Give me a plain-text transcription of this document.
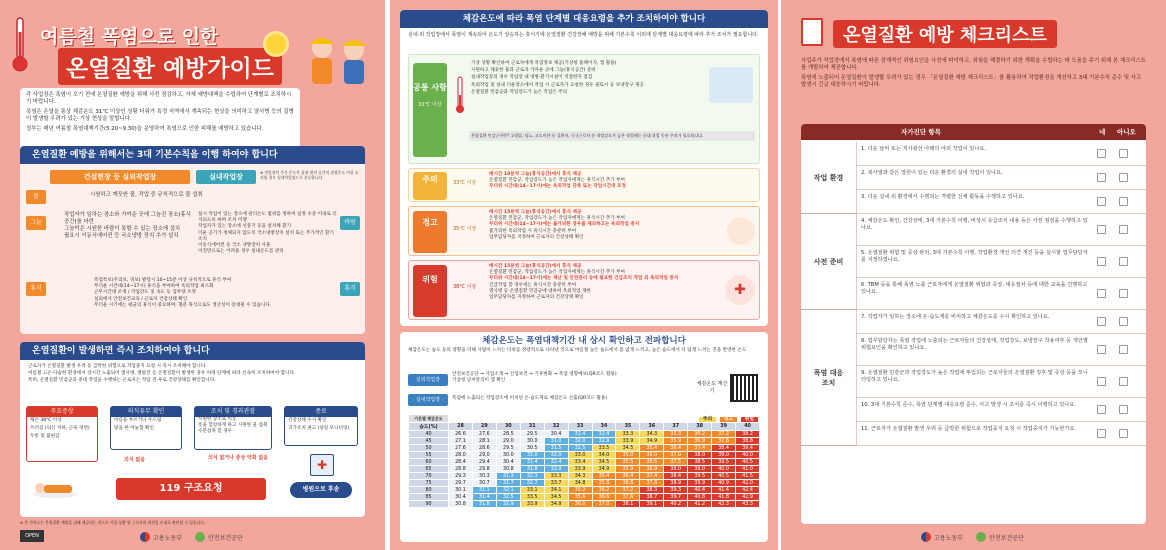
여름철 폭염으로 인한
온열질환 예방가이드
각 사업장은 폭염이 오기 전에 온열질환 예방을 위해 사전 점검하고, 자체 예방대책을 수립하여 단계별로 조치하시기 바랍니다.
폭염은 온열을 통상 체감온도 31℃ 이상인 상황 더위가 특정 지역에서 계속되는 현상을 의미하고 열사병 등의 질병이 발생할 우려가 있는 기상 현상을 말합니다.
정부는 매년 여름철 폭염대책기간(5.20~9.30)을 운영하여 폭염으로 인한 피해를 예방하고 있습니다.
온열질환 예방을 위해서는 3대 기본수칙을 이행 하여야 합니다
건설현장 등 실외작업장	실내작업장
※ 작업장의 주간 온도가 실내 편의 공간의 권장온도 이상 유지될 경우 실내작업장으로 분류합니다
물	시원하고 깨끗한 물, 작업 중 규칙적으로 물 섭취
그늘
작업자가 일하는 장소와 가까운 곳에 그늘진 장소(휴식공간)를 마련
그늘막은 시원한 바람이 통할 수 있는 장소에 설치
필요시 이동식에어컨 등 국소냉방 장치 추가 설치
바람
실시 작업이 있는 장소에 관리온도 범위를 정하여 일정 수준 이내로 유지되도록 하며 조치 이행
작업자가 있는 장소에 선풍기 등을 설치해 환기
더운 공기가 정체되지 않도록 국소냉방장치 설치 또는 추가적인 환기 조치
이동식에어컨 등 국소 냉방장치 사용
이것만으로는 어려울 경우 실내온도를 관리
휴식	휴식
폭염특보(주의보, 경보) 발령시 10~15분 이상 규칙적으로 휴식 부여
무더운 시간대(14~17시) 휴식을 부여하여 옥외작업 최소화
근무시간대 조정 / 작업강도 및 속도 등 업무량 조정
실외에서 안전보건교육 / 근로자 건강상태 확인
무더운 시기에는 평균의 휴식이 중요하며, 철분 휴식으로도 생산성이 증대될 수 있습니다.
온열질환이 발생하면 즉시 조치하여야 합니다
근로자가 온열질환 발생 우려 등 급박한 위험으로 작업중지 요청 시 즉시 조치해야 합니다.
여름철 고온·다습한 환경에서 장시간 노출되어 열사병, 열탈진 등 온열질환이 발생한 경우 아래 단계에 따라 신속히 조치하여야 합니다.
특히, 온열질환 민감군과 중대 작업을 수행하는 근로자는 작업 전·후로 건강상태를 확인합니다.
주요증상
체온 38℃ 이상
쓰러짐 (의식 저하, 근육 경련)
두통 및 불편감
의식유무 확인
이름을 부르거나 두드림
말을 한 어눌함 확인
조치 및 경과관찰
시원한 장소로 이동
옷을 헐렁하게 하고 시원한 물 섭취
수분섭취 할 경우
종료
건강상태 수시 확인
귀가조치 권고 (당일 모니터링)
의식 없음	의식 없거나 증상 악화 없음
119 구조요청	병원으로 후송
✚
※ 본 가이드는 온열질환 예방을 위해 제공되는 것으로 기업·상황 및 근로자의 의견을 토대로 판단할 수 있습니다.
OPEN	고용노동부	안전보건공단
체감온도에 따라 폭염 단계별 대응요령을 추가 조치하여야 합니다
실내·외 작업장에서 폭염이 계속되어 온도가 상승하는 휴서기에 온열질환 건강장해 예방을 위해 기본수칙 이외에 단계별 대응요령에 따라 추가 조치가 필요합니다.
공통 사항
31℃ 이상
기상 상황 확인하여 근로자에게 폭염정보 제공(기상청 홈페이지, 앱 활용)
시원하고 깨끗한 물과 근로자 가까운 곳에 그늘(휴식공간) 준비
실내작업장의 경우 작업장 내 냉방·환기시설이 적절한지 점검
옥외작업 및 실내 더운장소에서 작업 시 근로자가 요청한 경우 쿨토시 등 보냉장구 제공
온열질환 민감군과 작업강도가 높은 작업은 주의
온열질환 민감군이란? 고혈압, 당뇨, 고도비만 등 질환자, 신규근로자 등 작업강도가 높은 작업에는 중대 작업 동안 주의가 필요합니다.
주의	33℃ 이상
매시간 10분씩 그늘(휴식공간)에서 휴식 제공
온열질환 민감군, 작업강도가 높은 작업자에게는 휴식시간 추가 부여
무더위 시간대(14~17시)에는 옥외작업 단축 또는 작업시간대 조정
경고
35℃ 이상
매시간 15분씩 그늘(휴식공간)에서 휴식 제공
온열질환 민감군, 작업강도가 높은 작업자에게는 휴식시간 추가 부여
무더위 시간대(14~17시)에는 불가피한 경우를 제외하고는 옥외작업 중지
불가피한 옥외작업 시 휴식시간 충분히 부여
업무담당자를 지정하여 근로자의 건강상태 확인
위험
38℃ 이상
매시간 15분씩 그늘(휴식공간)에서 휴식 제공
온열질환 민감군, 작업강도가 높은 작업자에게는 휴식시간 추가 부여
무더위 시간대(14~17시)에는 재난 및 안전관리 등에 필요한 긴급조치 작업 외 옥외작업 중지
긴급작업 할 경우에는 휴식시간 충분히 부여
열사병 등 온열질환 민감군에 대하여 옥외작업 제한
업무담당자를 지정하여 근로자의 건강상태 확인	✚
체감온도는 폭염대책기간 내 상시 확인하고 전파합니다
체감온도는 습도 등의 영향을 더해 사람이 느끼는 더위를 정량적으로 나타낸 것으로 여름철 높은 습도에서 몸 없게 느끼고, 높은 습도에서 더 덥게 느끼는 것을 반영한 온도
실외작업장
실내작업장
안전보건공단 ⇒ 사업소개 ⇒ 산업보건 ⇒ 기후변화 ⇒ 폭염 영향예보(QR코드 활용)
기상청 날씨알리미 앱 확인
폭염에 노출되는 작업장소에 비치된 온·습도계로 체감온도 산출(QR코드 활용)
체감온도 계산기
기온별 체감온도	주의 경고 위험												
습도(%)	28	29	30	31	32	33	34	35	36	37	38	39	40
40	26.6	27.6	28.5	29.5	30.4	31.4	32.4	33.3	34.3	35.3	36.2	37.2	38.2
45	27.1	28.1	29.0	30.0	31.0	32.0	32.9	33.9	34.9	35.9	36.9	37.8	38.8
50	27.6	28.6	29.5	30.5	31.5	32.5	33.5	34.5	35.4	36.4	37.4	38.4	39.4
55	28.0	29.0	30.0	31.0	32.0	33.0	34.0	35.0	36.0	37.0	38.0	39.0	40.0
60	28.4	29.4	30.4	31.4	32.4	33.4	34.5	35.5	36.5	37.5	38.5	39.5	40.5
65	28.8	29.8	30.8	31.8	32.9	33.9	34.9	35.9	36.9	38.0	39.0	40.0	41.0
70	29.3	30.3	31.3	32.3	33.3	34.3	35.4	36.4	37.4	38.4	39.5	40.5	41.5
75	29.7	30.7	31.7	32.7	33.7	34.8	35.8	36.8	37.8	38.9	39.9	40.9	42.0
80	30.1	31.1	32.1	33.1	34.1	35.2	36.2	37.2	38.3	39.3	40.4	41.4	42.4
85	30.4	31.4	32.5	33.5	34.5	35.6	36.6	37.6	38.7	39.7	40.8	41.8	42.9
90	30.8	31.8	32.9	33.9	34.9	36.0	37.0	38.1	39.1	40.2	41.2	42.3	43.3
온열질환 예방 체크리스트
사업주가 작업장에서 폭염에 따른 잠재적인 위험요인을 사전에 파악하고, 위험을 해결하기 위한 계획을 수립하는 데 도움을 주기 위해 본 체크리스트를 개발하여 제공합니다.
폭염에 노출되어 온열질환이 발생할 우려가 있는 경우 「온열질환 예방 체크리스트」를 활용하여 작업환경을 개선하고 3대 기본수칙 준수 및 사고발생시 긴급 대응하시기 바랍니다.
자가진단 항목	네 아니오
1. 더운 날씨 또는 직사광선 아래의 야외 작업이 있나요.
2. 복사열과 같은 열원이 있는 더운 환경의 실내 작업이 있나요.
3. 더운 실내·외 환경에서 수행되는 격렬한 신체 활동을 수행하고 있나요.
작업 환경
4. 체감온도 확인, 건강상태, 3대 기본수칙 이행, 비상시 응급조치 내용 등은 사전 점검을 수행하고 있나요.
5. 온열질환 위험 및 증상 관리, 3대 기본수칙 이행, 작업환경 개선 의견 개진 등을 실시할 업무담당자를 지정하였나요.
6. TBM 등을 통해 폭염 노출 근로자에게 온열질환 위험과 증상, 대응절차 등에 대한 교육을 진행하고있나요.
사전 준비
7. 작업자가 일하는 장소에 온·습도계를 비치하고 체감온도를 수시 확인하고 있나요.
8. 업무담당자는 폭염 작업에 노출되는 근로자들의 건강상태, 작업강도, 보냉장구 착용여부 등 개인별 위험요인을 확인하고 있나요.
9. 온열질환 민감군과 작업강도가 높은 작업에 투입되는 근로자들의 온열질환 징후 및 증상 등을 모니터링하고 있나요.
10. 3대 기본수칙 준수, 폭염 단계별 대응요령 준수, 사고 발생 시 조치를 즉시 이행하고 있나요.
11. 근로자가 온열질환 발생 우려 등 급박한 위험으로 작업중지 요청 시 작업중지가 가능한가요.
폭염 대응 조치
고용노동부	안전보건공단
